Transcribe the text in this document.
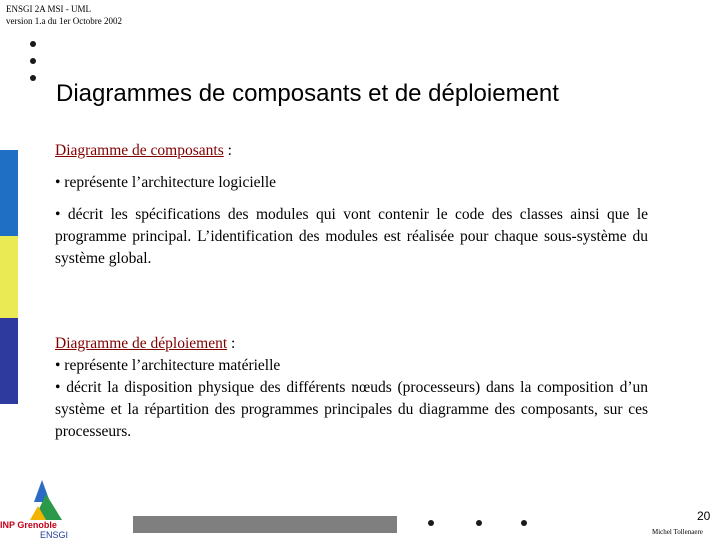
ENSGI 2A MSI - UML
version 1.a du 1er Octobre 2002
Diagrammes de composants et de déploiement

Diagramme de composants :

• représente l’architecture logicielle
• décrit les spécifications des modules qui vont contenir le code des classes ainsi que le programme principal. L’identification des modules est réalisée pour chaque sous-système du système global.

Diagramme de déploiement :

• représente l’architecture matérielle
• décrit la disposition physique des différents nœuds (processeurs) dans la composition d’un système et la répartition des programmes principales du diagramme des composants, sur ces processeurs.
20
Michel Tollenaere
INP Grenoble
ENSGI
